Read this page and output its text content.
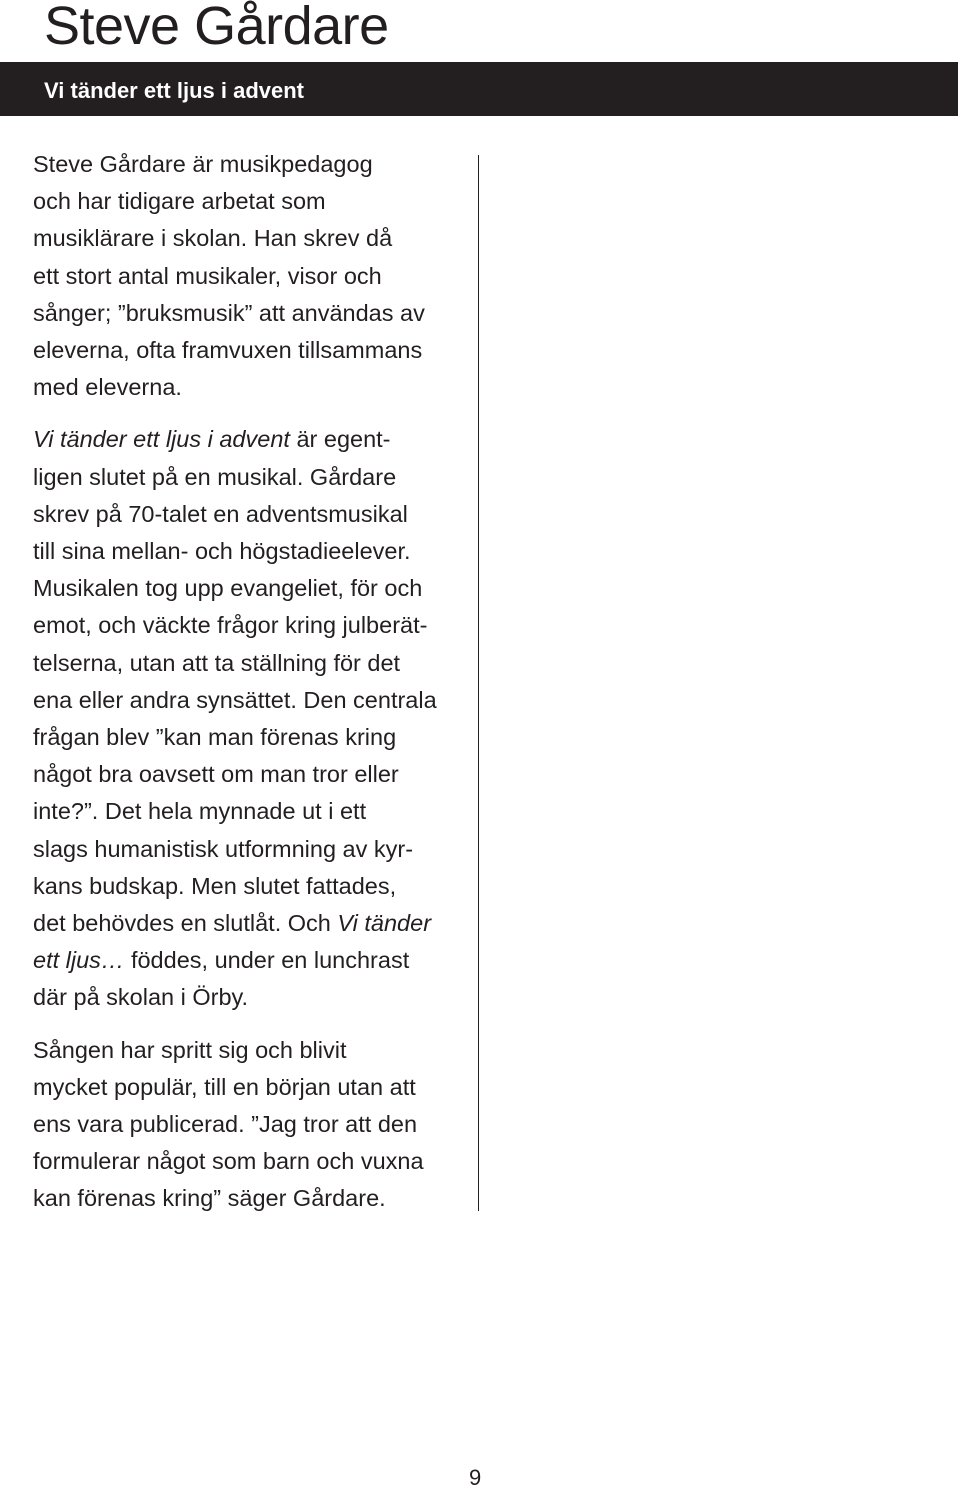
Steve Gårdare
Vi tänder ett ljus i advent

Steve Gårdare är musikpedagog
och har tidigare arbetat som
musiklärare i skolan. Han skrev då
ett stort antal musikaler, visor och
sånger; ”bruksmusik” att användas av
eleverna, ofta framvuxen tillsammans
med eleverna.

Vi tänder ett ljus i advent är egent-
ligen slutet på en musikal. Gårdare
skrev på 70-talet en adventsmusikal
till sina mellan- och högstadieelever.
Musikalen tog upp evangeliet, för och
emot, och väckte frågor kring julberät-
telserna, utan att ta ställning för det
ena eller andra synsättet. Den centrala
frågan blev ”kan man förenas kring
något bra oavsett om man tror eller
inte?”. Det hela mynnade ut i ett
slags humanistisk utformning av kyr-
kans budskap. Men slutet fattades,
det behövdes en slutlåt. Och Vi tänder
ett ljus… föddes, under en lunchrast
där på skolan i Örby.

Sången har spritt sig och blivit
mycket populär, till en början utan att
ens vara publicerad. ”Jag tror att den
formulerar något som barn och vuxna
kan förenas kring” säger Gårdare.

9
